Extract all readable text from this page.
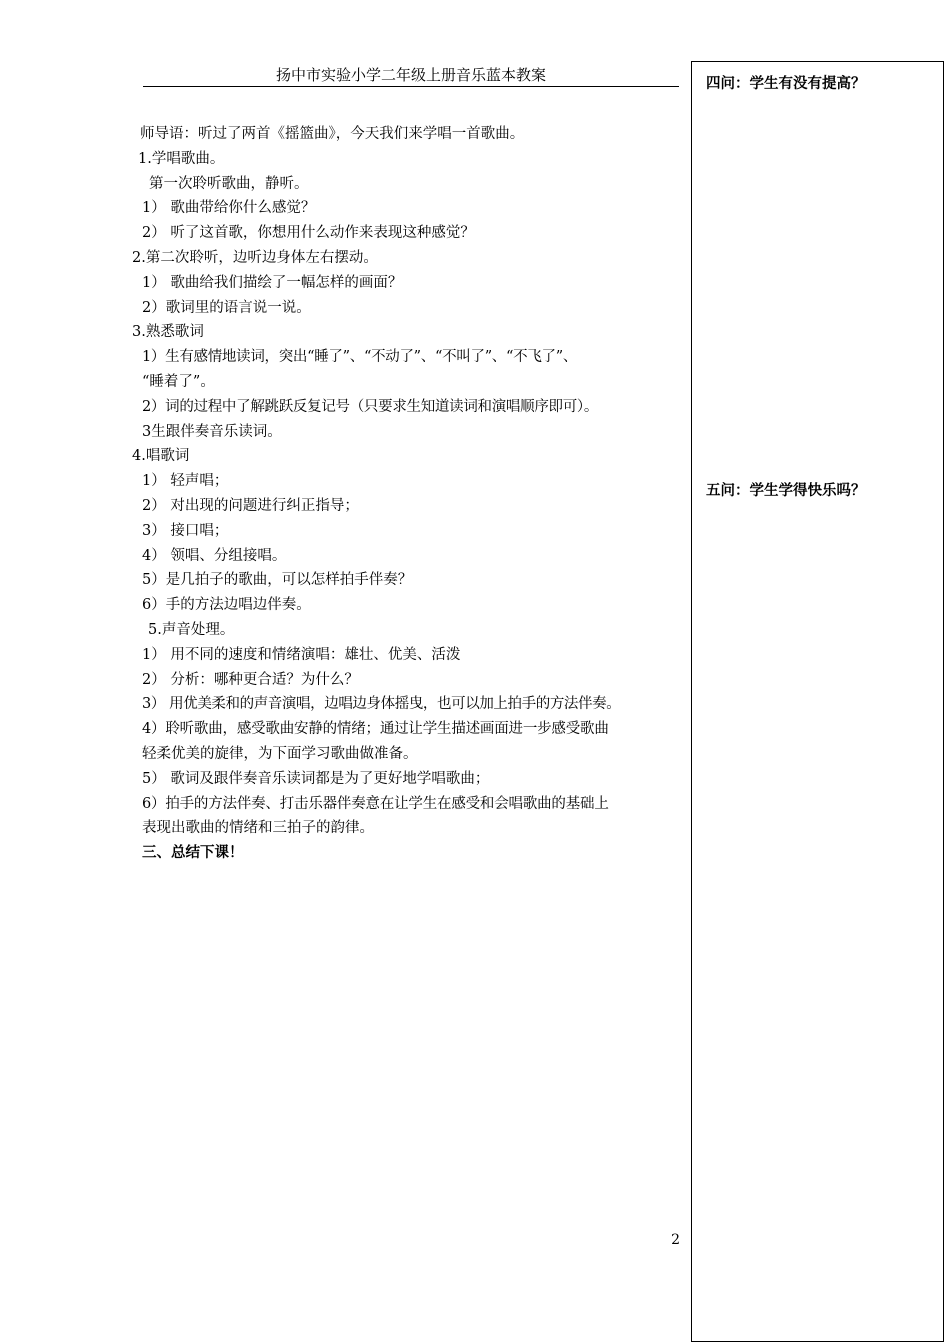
扬中市实验小学二年级上册音乐蓝本教案
师导语：听过了两首《摇篮曲》，今天我们来学唱一首歌曲。
1.学唱歌曲。
第一次聆听歌曲，静听。
1） 歌曲带给你什么感觉？
2） 听了这首歌，你想用什么动作来表现这种感觉？
2.第二次聆听，边听边身体左右摆动。
1） 歌曲给我们描绘了一幅怎样的画面？
2）歌词里的语言说一说。
3.熟悉歌词
1）生有感情地读词，突出“睡了”、“不动了”、“不叫了”、“不飞了”、
“睡着了”。
2）词的过程中了解跳跃反复记号（只要求生知道读词和演唱顺序即可）。
3生跟伴奏音乐读词。
4.唱歌词
1） 轻声唱；
2） 对出现的问题进行纠正指导；
3） 接口唱；
4） 领唱、分组接唱。
5）是几拍子的歌曲，可以怎样拍手伴奏？
6）手的方法边唱边伴奏。
5.声音处理。
1） 用不同的速度和情绪演唱：雄壮、优美、活泼
2） 分析：哪种更合适？为什么？
3） 用优美柔和的声音演唱，边唱边身体摇曳，也可以加上拍手的方法伴奏。
4）聆听歌曲，感受歌曲安静的情绪；通过让学生描述画面进一步感受歌曲
轻柔优美的旋律，为下面学习歌曲做准备。
5） 歌词及跟伴奏音乐读词都是为了更好地学唱歌曲；
6）拍手的方法伴奏、打击乐器伴奏意在让学生在感受和会唱歌曲的基础上
表现出歌曲的情绪和三拍子的韵律。
三、总结下课！
四问：学生有没有提高？
五问：学生学得快乐吗？
2
